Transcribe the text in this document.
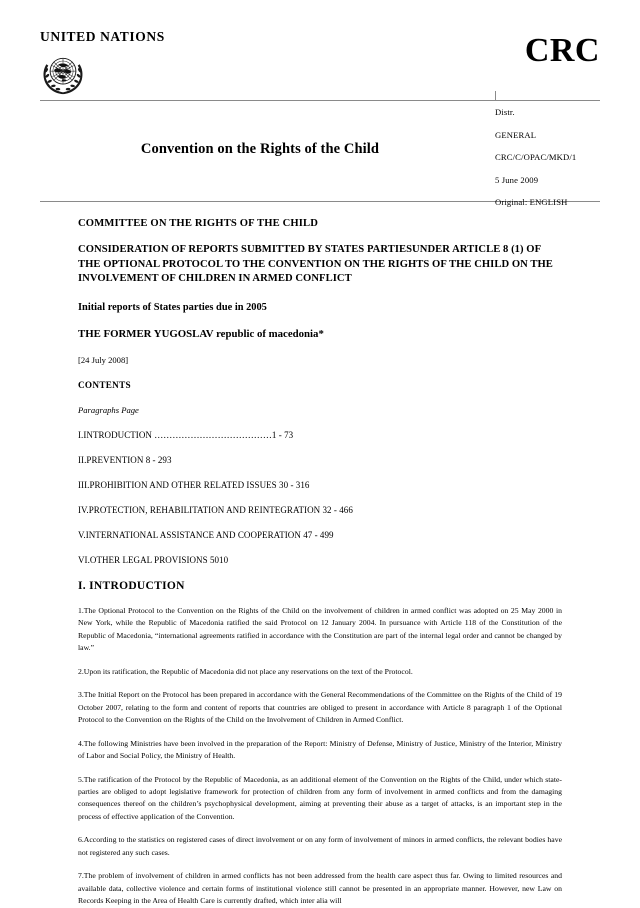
UNITED NATIONS	CRC
Convention on the Rights of the Child
Distr.
GENERAL
CRC/C/OPAC/MKD/1
5 June 2009
Original: ENGLISH
COMMITTEE ON THE RIGHTS OF THE CHILD
CONSIDERATION OF REPORTS SUBMITTED BY STATES PARTIESUNDER ARTICLE 8 (1) OF THE OPTIONAL PROTOCOL TO THE CONVENTION ON THE RIGHTS OF THE CHILD ON THE INVOLVEMENT OF CHILDREN IN ARMED CONFLICT
Initial reports of States parties due in 2005
THE FORMER YUGOSLAV republic of macedonia*
[24 July 2008]
CONTENTS
Paragraphs Page
I.INTRODUCTION …………………………………1 - 73
II.PREVENTION 8 - 293
III.PROHIBITION AND OTHER RELATED ISSUES 30 - 316
IV.PROTECTION, REHABILITATION AND REINTEGRATION 32 - 466
V.INTERNATIONAL ASSISTANCE AND COOPERATION 47 - 499
VI.OTHER LEGAL PROVISIONS 5010
I. INTRODUCTION
1.The Optional Protocol to the Convention on the Rights of the Child on the involvement of children in armed conflict was adopted on 25 May 2000 in New York, while the Republic of Macedonia ratified the said Protocol on 12 January 2004. In pursuance with Article 118 of the Constitution of the Republic of Macedonia, “international agreements ratified in accordance with the Constitution are part of the internal legal order and cannot be changed by law.”
2.Upon its ratification, the Republic of Macedonia did not place any reservations on the text of the Protocol.
3.The Initial Report on the Protocol has been prepared in accordance with the General Recommendations of the Committee on the Rights of the Child of 19 October 2007, relating to the form and content of reports that countries are obliged to present in accordance with Article 8 paragraph 1 of the Optional Protocol to the Convention on the Rights of the Child on the Involvement of Children in Armed Conflict.
4.The following Ministries have been involved in the preparation of the Report: Ministry of Defense, Ministry of Justice, Ministry of the Interior, Ministry of Labor and Social Policy, the Ministry of Health.
5.The ratification of the Protocol by the Republic of Macedonia, as an additional element of the Convention on the Rights of the Child, under which state-parties are obliged to adopt legislative framework for protection of children from any form of involvement in armed conflicts and from the damaging consequences thereof on the children’s psychophysical development, aiming at preventing their abuse as a target of attacks, is an important step in the process of effective application of the Convention.
6.According to the statistics on registered cases of direct involvement or on any form of involvement of minors in armed conflicts, the relevant bodies have not registered any such cases.
7.The problem of involvement of children in armed conflicts has not been addressed from the health care aspect thus far. Owing to limited resources and available data, collective violence and certain forms of institutional violence still cannot be presented in an appropriate manner. However, new Law on Records Keeping in the Area of Health Care is currently drafted, which inter alia will
